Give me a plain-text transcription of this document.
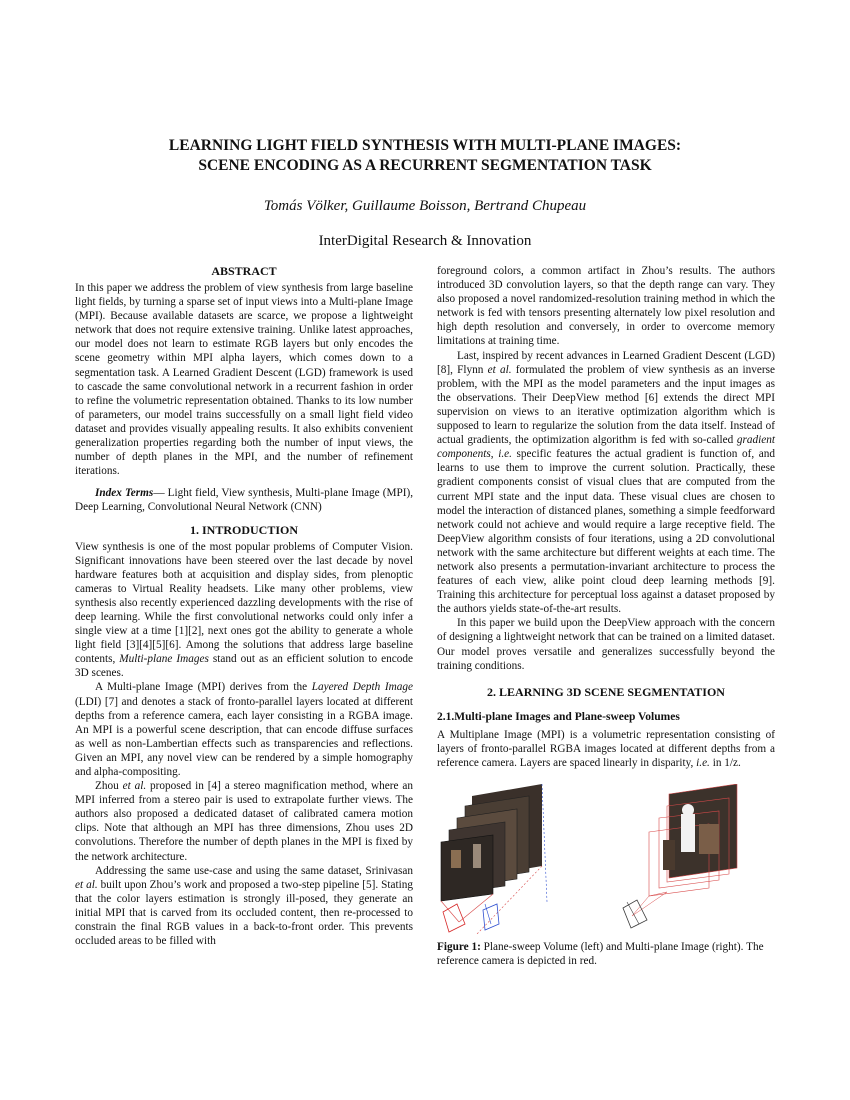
LEARNING LIGHT FIELD SYNTHESIS WITH MULTI-PLANE IMAGES:
SCENE ENCODING AS A RECURRENT SEGMENTATION TASK
Tomás Völker, Guillaume Boisson, Bertrand Chupeau
InterDigital Research & Innovation
ABSTRACT

In this paper we address the problem of view synthesis from large baseline light fields, by turning a sparse set of input views into a Multi-plane Image (MPI). Because available datasets are scarce, we propose a lightweight network that does not require extensive training. Unlike latest approaches, our model does not learn to estimate RGB layers but only encodes the scene geometry within MPI alpha layers, which comes down to a segmentation task. A Learned Gradient Descent (LGD) framework is used to cascade the same convolutional network in a recurrent fashion in order to refine the volumetric representation obtained. Thanks to its low number of parameters, our model trains successfully on a small light field video dataset and provides visually appealing results. It also exhibits convenient generalization properties regarding both the number of input views, the number of depth planes in the MPI, and the number of refinement iterations.

Index Terms— Light field, View synthesis, Multi-plane Image (MPI), Deep Learning, Convolutional Neural Network (CNN)

1. INTRODUCTION

View synthesis is one of the most popular problems of Computer Vision. Significant innovations have been steered over the last decade by novel hardware features both at acquisition and display sides, from plenoptic cameras to Virtual Reality headsets. Like many other problems, view synthesis also recently experienced dazzling developments with the rise of deep learning. While the first convolutional networks could only infer a single view at a time [1][2], next ones got the ability to generate a whole light field [3][4][5][6]. Among the solutions that address large baseline contents, Multi-plane Images stand out as an efficient solution to encode 3D scenes.

A Multi-plane Image (MPI) derives from the Layered Depth Image (LDI) [7] and denotes a stack of fronto-parallel layers located at different depths from a reference camera, each layer consisting in a RGBA image. An MPI is a powerful scene description, that can encode diffuse surfaces as well as non-Lambertian effects such as transparencies and reflections. Given an MPI, any novel view can be rendered by a simple homography and alpha-compositing.

Zhou et al. proposed in [4] a stereo magnification method, where an MPI inferred from a stereo pair is used to extrapolate further views. The authors also proposed a dedicated dataset of calibrated camera motion clips. Note that although an MPI has three dimensions, Zhou uses 2D convolutions. Therefore the number of depth planes in the MPI is fixed by the network architecture.

Addressing the same use-case and using the same dataset, Srinivasan et al. built upon Zhou’s work and proposed a two-step pipeline [5]. Stating that the color layers estimation is strongly ill-posed, they generate an initial MPI that is carved from its occluded content, then re-processed to constrain the final RGB values in a back-to-front order. This prevents occluded areas to be filled with

foreground colors, a common artifact in Zhou’s results. The authors introduced 3D convolution layers, so that the depth range can vary. They also proposed a novel randomized-resolution training method in which the network is fed with tensors presenting alternately low pixel resolution and high depth resolution and conversely, in order to overcome memory limitations at training time.

Last, inspired by recent advances in Learned Gradient Descent (LGD) [8], Flynn et al. formulated the problem of view synthesis as an inverse problem, with the MPI as the model parameters and the input images as the observations. Their DeepView method [6] extends the direct MPI supervision on views to an iterative optimization algorithm which is supposed to learn to regularize the solution from the data itself. Instead of actual gradients, the optimization algorithm is fed with so-called gradient components, i.e. specific features the actual gradient is function of, and learns to use them to improve the current solution. Practically, these gradient components consist of visual clues that are computed from the current MPI state and the input data. These visual clues are chosen to model the interaction of distanced planes, something a simple feedforward network could not achieve and would require a large receptive field. The DeepView algorithm consists of four iterations, using a 2D convolutional network with the same architecture but different weights at each time. The network also presents a permutation-invariant architecture to process the features of each view, alike point cloud deep learning methods [9]. Training this architecture for perceptual loss against a dataset proposed by the authors yields state-of-the-art results.

In this paper we build upon the DeepView approach with the concern of designing a lightweight network that can be trained on a limited dataset. Our model proves versatile and generalizes successfully beyond the training conditions.

2. LEARNING 3D SCENE SEGMENTATION
2.1.Multi-plane Images and Plane-sweep Volumes

A Multiplane Image (MPI) is a volumetric representation consisting of layers of fronto-parallel RGBA images located at different depths from a reference camera. Layers are spaced linearly in disparity, i.e. in 1/z.

Figure 1: Plane-sweep Volume (left) and Multi-plane Image (right). The reference camera is depicted in red.
